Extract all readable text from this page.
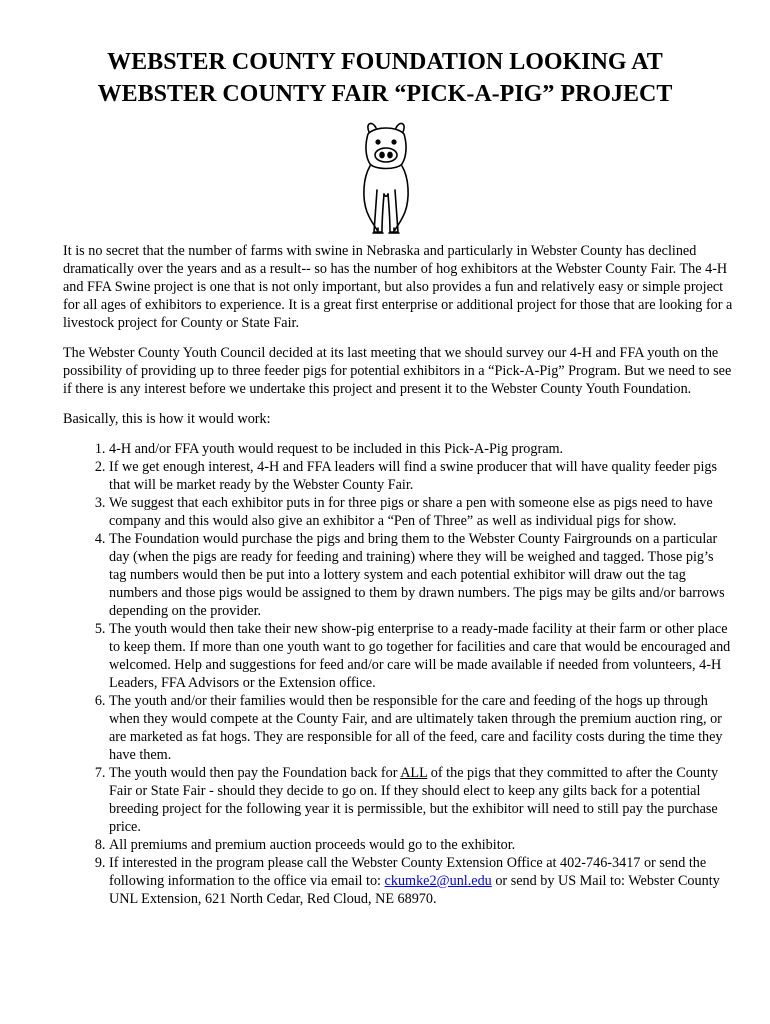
WEBSTER COUNTY FOUNDATION LOOKING AT
WEBSTER COUNTY FAIR “PICK-A-PIG” PROJECT

It is no secret that the number of farms with swine in Nebraska and particularly in Webster County has declined dramatically over the years and as a result-- so has the number of hog exhibitors at the Webster County Fair. The 4-H and FFA Swine project is one that is not only important, but also provides a fun and relatively easy or simple project for all ages of exhibitors to experience. It is a great first enterprise or additional project for those that are looking for a livestock project for County or State Fair.

The Webster County Youth Council decided at its last meeting that we should survey our 4-H and FFA youth on the possibility of providing up to three feeder pigs for potential exhibitors in a “Pick-A-Pig” Program. But we need to see if there is any interest before we undertake this project and present it to the Webster County Youth Foundation.

Basically, this is how it would work:

1. 4-H and/or FFA youth would request to be included in this Pick-A-Pig program.
2. If we get enough interest, 4-H and FFA leaders will find a swine producer that will have quality feeder pigs that will be market ready by the Webster County Fair.
3. We suggest that each exhibitor puts in for three pigs or share a pen with someone else as pigs need to have company and this would also give an exhibitor a “Pen of Three” as well as individual pigs for show.
4. The Foundation would purchase the pigs and bring them to the Webster County Fairgrounds on a particular day (when the pigs are ready for feeding and training) where they will be weighed and tagged. Those pig’s tag numbers would then be put into a lottery system and each potential exhibitor will draw out the tag numbers and those pigs would be assigned to them by drawn numbers. The pigs may be gilts and/or barrows depending on the provider.
5. The youth would then take their new show-pig enterprise to a ready-made facility at their farm or other place to keep them. If more than one youth want to go together for facilities and care that would be encouraged and welcomed. Help and suggestions for feed and/or care will be made available if needed from volunteers, 4-H Leaders, FFA Advisors or the Extension office.
6. The youth and/or their families would then be responsible for the care and feeding of the hogs up through when they would compete at the County Fair, and are ultimately taken through the premium auction ring, or are marketed as fat hogs. They are responsible for all of the feed, care and facility costs during the time they have them.
7. The youth would then pay the Foundation back for ALL of the pigs that they committed to after the County Fair or State Fair - should they decide to go on. If they should elect to keep any gilts back for a potential breeding project for the following year it is permissible, but the exhibitor will need to still pay the purchase price.
8. All premiums and premium auction proceeds would go to the exhibitor.
9. If interested in the program please call the Webster County Extension Office at 402-746-3417 or send the following information to the office via email to: ckumke2@unl.edu or send by US Mail to: Webster County UNL Extension, 621 North Cedar, Red Cloud, NE 68970.
